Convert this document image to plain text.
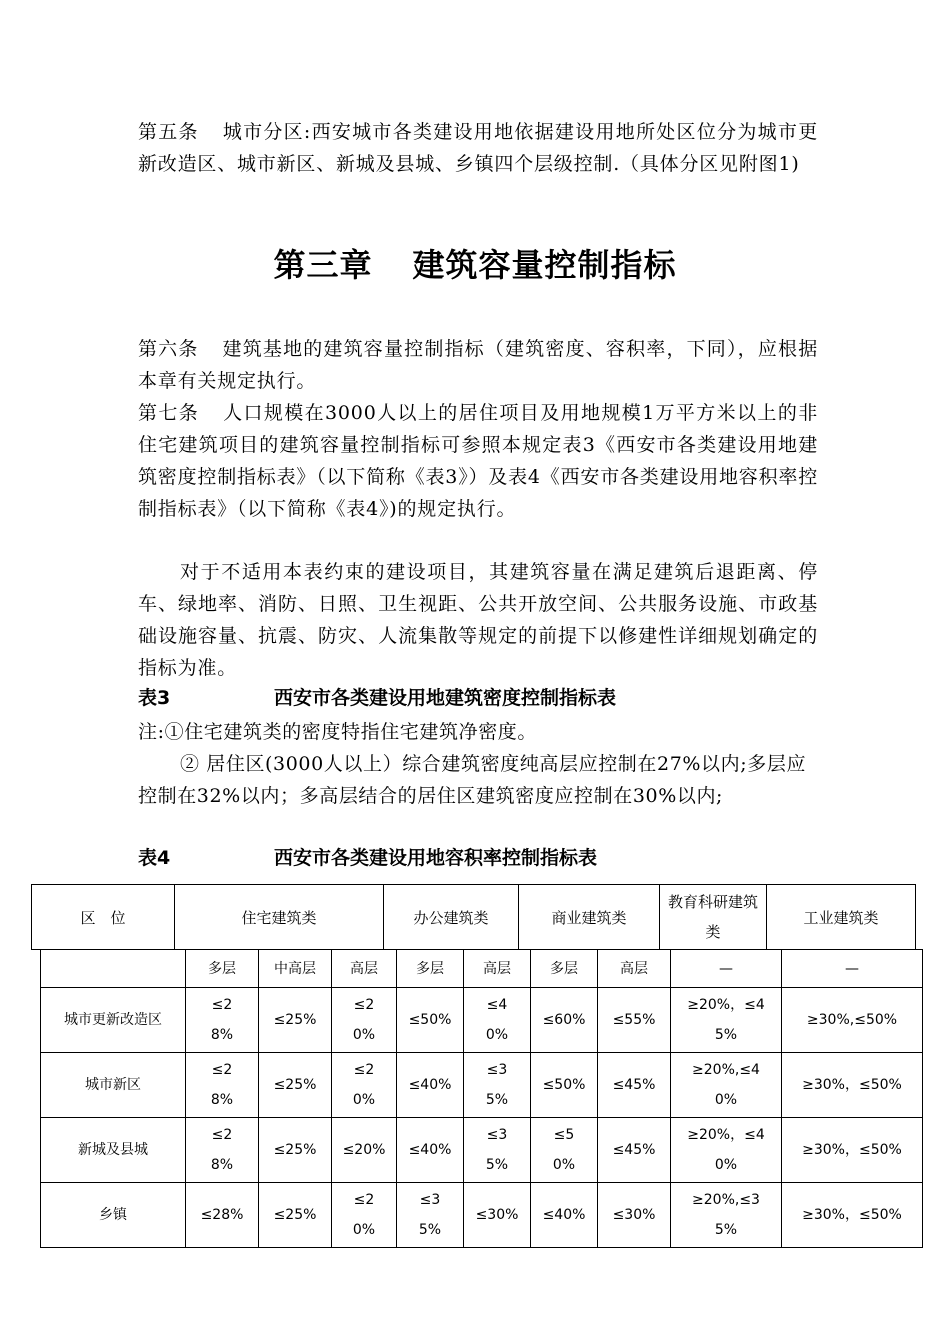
第五条 城市分区:西安城市各类建设用地依据建设用地所处区位分为城市更新改造区、城市新区、新城及县城、乡镇四个层级控制.（具体分区见附图1)
第三章 建筑容量控制指标
第六条 建筑基地的建筑容量控制指标（建筑密度、容积率，下同），应根据本章有关规定执行。
第七条 人口规模在3000人以上的居住项目及用地规模1万平方米以上的非住宅建筑项目的建筑容量控制指标可参照本规定表3《西安市各类建设用地建筑密度控制指标表》（以下简称《表3》）及表4《西安市各类建设用地容积率控制指标表》（以下简称《表4》)的规定执行。
对于不适用本表约束的建设项目，其建筑容量在满足建筑后退距离、停车、绿地率、消防、日照、卫生视距、公共开放空间、公共服务设施、市政基础设施容量、抗震、防灾、人流集散等规定的前提下以修建性详细规划确定的指标为准。
表3	西安市各类建设用地建筑密度控制指标表
注:①住宅建筑类的密度特指住宅建筑净密度。
② 居住区(3000人以上）综合建筑密度纯高层应控制在27%以内;多层应控制在32%以内；多高层结合的居住区建筑密度应控制在30%以内;
表4	西安市各类建设用地容积率控制指标表
区　位	住宅建筑类	办公建筑类	商业建筑类	教育科研建筑类	工业建筑类
	多层	中高层	高层	多层	高层	多层	高层	—	—
城市更新改造区	≤28%	≤25%	≤20%	≤50%	≤40%	≤60%	≤55%	≥20%，≤45%	≥30%,≤50%
城市新区	≤28%	≤25%	≤20%	≤40%	≤35%	≤50%	≤45%	≥20%,≤40%	≥30%，≤50%
新城及县城	≤28%	≤25%	≤20%	≤40%	≤35%	≤50%	≤45%	≥20%，≤40%	≥30%，≤50%
乡镇	≤28%	≤25%	≤20%	≤35%	≤30%	≤40%	≤30%	≥20%,≤35%	≥30%，≤50%
